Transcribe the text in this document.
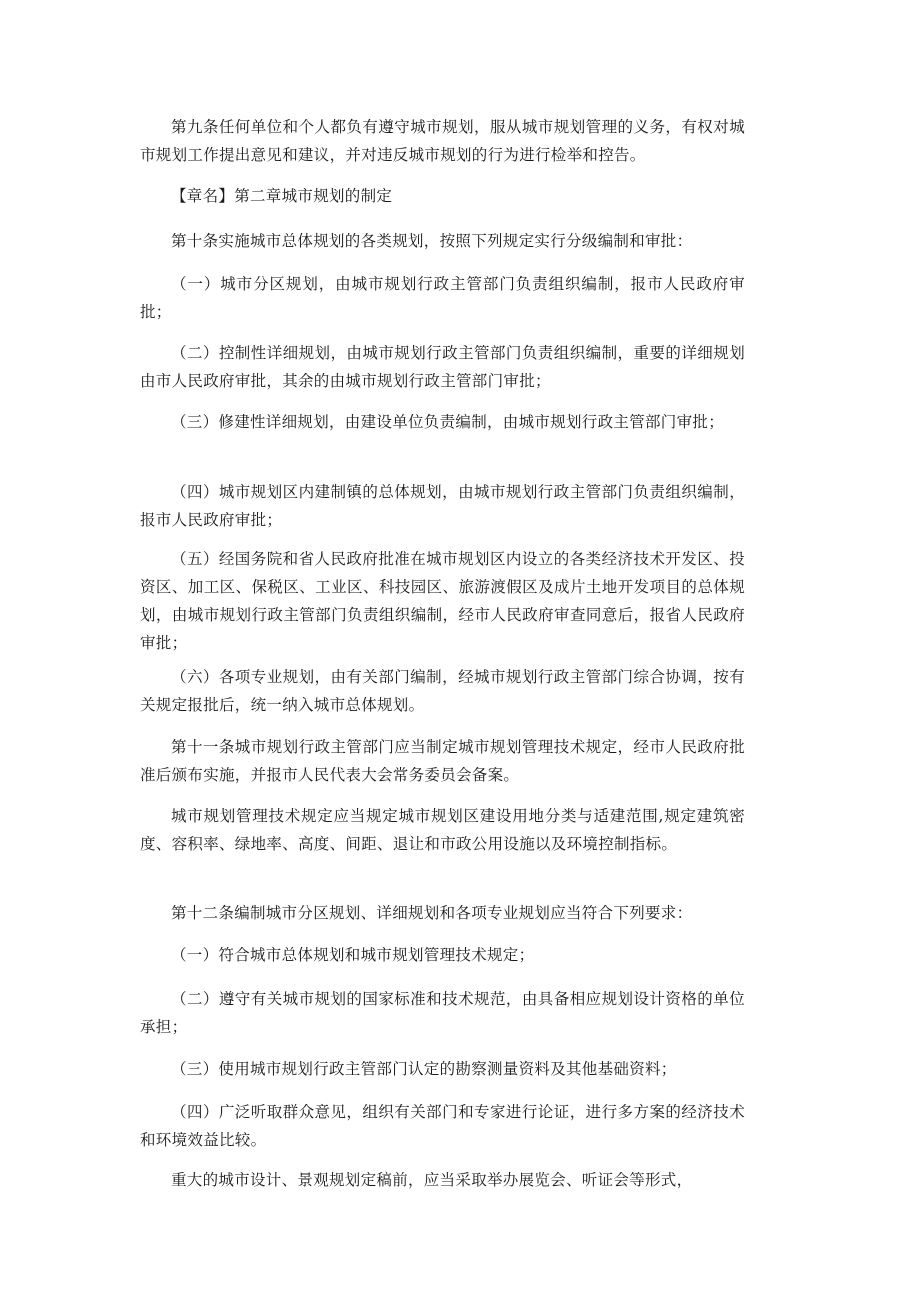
第九条任何单位和个人都负有遵守城市规划，服从城市规划管理的义务，有权对城市规划工作提出意见和建议，并对违反城市规划的行为进行检举和控告。

【章名】第二章城市规划的制定

第十条实施城市总体规划的各类规划，按照下列规定实行分级编制和审批：

（一）城市分区规划，由城市规划行政主管部门负责组织编制，报市人民政府审批；

（二）控制性详细规划，由城市规划行政主管部门负责组织编制，重要的详细规划由市人民政府审批，其余的由城市规划行政主管部门审批；

（三）修建性详细规划，由建设单位负责编制，由城市规划行政主管部门审批；

（四）城市规划区内建制镇的总体规划，由城市规划行政主管部门负责组织编制，报市人民政府审批；

（五）经国务院和省人民政府批准在城市规划区内设立的各类经济技术开发区、投资区、加工区、保税区、工业区、科技园区、旅游渡假区及成片土地开发项目的总体规划，由城市规划行政主管部门负责组织编制，经市人民政府审查同意后，报省人民政府审批；

（六）各项专业规划，由有关部门编制，经城市规划行政主管部门综合协调，按有关规定报批后，统一纳入城市总体规划。

第十一条城市规划行政主管部门应当制定城市规划管理技术规定，经市人民政府批准后颁布实施，并报市人民代表大会常务委员会备案。

城市规划管理技术规定应当规定城市规划区建设用地分类与适建范围,规定建筑密度、容积率、绿地率、高度、间距、退让和市政公用设施以及环境控制指标。

第十二条编制城市分区规划、详细规划和各项专业规划应当符合下列要求：

（一）符合城市总体规划和城市规划管理技术规定；

（二）遵守有关城市规划的国家标准和技术规范，由具备相应规划设计资格的单位承担；

（三）使用城市规划行政主管部门认定的勘察测量资料及其他基础资料；

（四）广泛听取群众意见，组织有关部门和专家进行论证，进行多方案的经济技术和环境效益比较。

重大的城市设计、景观规划定稿前，应当采取举办展览会、听证会等形式，
